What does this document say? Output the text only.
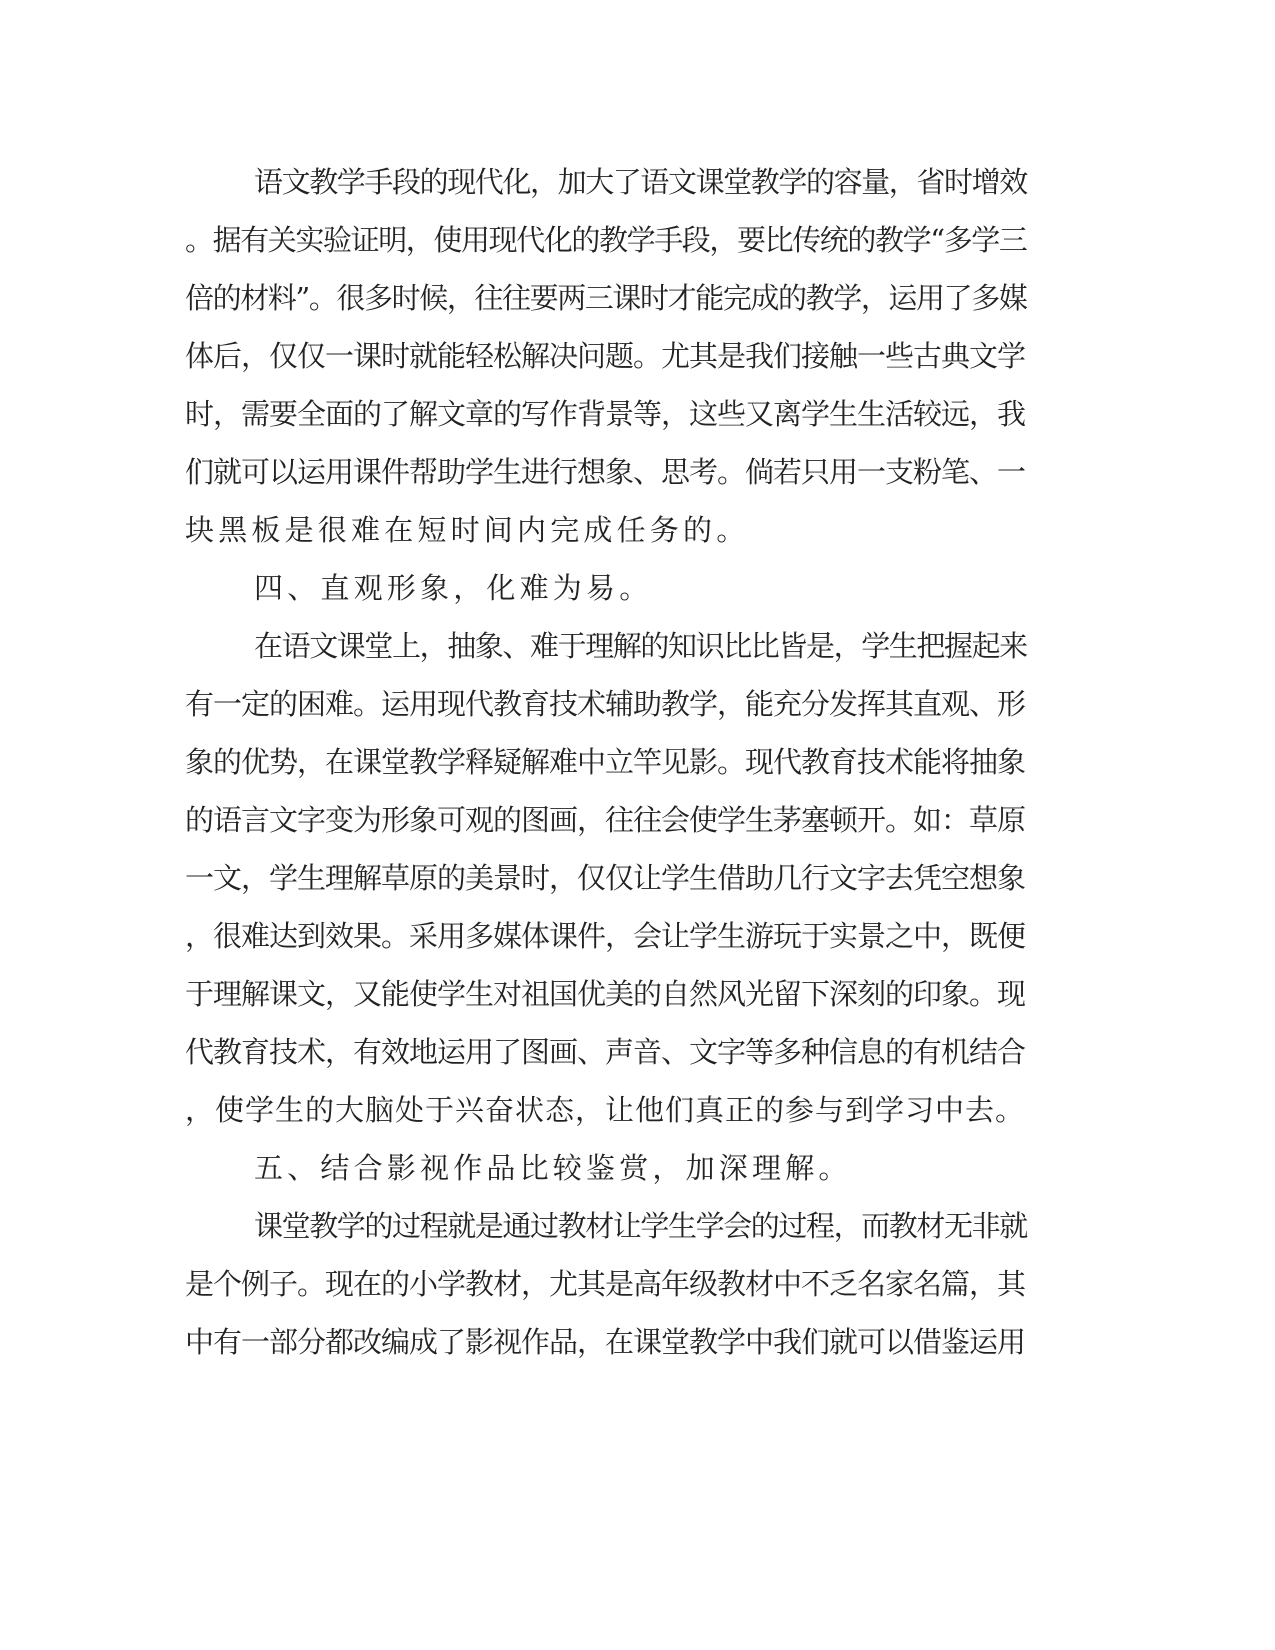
语文教学手段的现代化，加大了语文课堂教学的容量，省时增效
。据有关实验证明，使用现代化的教学手段，要比传统的教学“多学三
倍的材料”。很多时候，往往要两三课时才能完成的教学，运用了多媒
体后，仅仅一课时就能轻松解决问题。尤其是我们接触一些古典文学
时，需要全面的了解文章的写作背景等，这些又离学生生活较远，我
们就可以运用课件帮助学生进行想象、思考。倘若只用一支粉笔、一
块黑板是很难在短时间内完成任务的。
四、直观形象，化难为易。
在语文课堂上，抽象、难于理解的知识比比皆是，学生把握起来
有一定的困难。运用现代教育技术辅助教学，能充分发挥其直观、形
象的优势，在课堂教学释疑解难中立竿见影。现代教育技术能将抽象
的语言文字变为形象可观的图画，往往会使学生茅塞顿开。如：草原
一文，学生理解草原的美景时，仅仅让学生借助几行文字去凭空想象
，很难达到效果。采用多媒体课件，会让学生游玩于实景之中，既便
于理解课文，又能使学生对祖国优美的自然风光留下深刻的印象。现
代教育技术，有效地运用了图画、声音、文字等多种信息的有机结合
，使学生的大脑处于兴奋状态，让他们真正的参与到学习中去。
五、结合影视作品比较鉴赏，加深理解。
课堂教学的过程就是通过教材让学生学会的过程，而教材无非就
是个例子。现在的小学教材，尤其是高年级教材中不乏名家名篇，其
中有一部分都改编成了影视作品，在课堂教学中我们就可以借鉴运用
